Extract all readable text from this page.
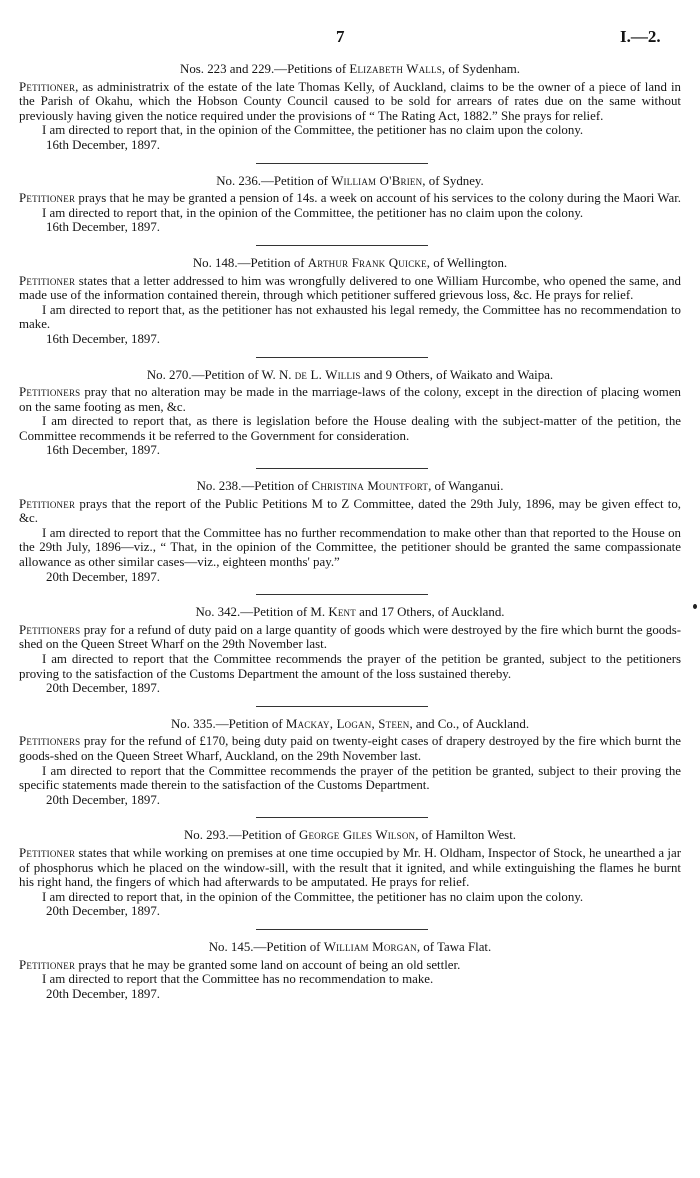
7	I.—2.

Nos. 223 and 229.—Petitions of Elizabeth Walls, of Sydenham.

Petitioner, as administratrix of the estate of the late Thomas Kelly, of Auckland, claims to be the owner of a piece of land in the Parish of Okahu, which the Hobson County Council caused to be sold for arrears of rates due on the same without previously having given the notice required under the provisions of “ The Rating Act, 1882.” She prays for relief.

I am directed to report that, in the opinion of the Committee, the petitioner has no claim upon the colony.

16th December, 1897.

No. 236.—Petition of William O'Brien, of Sydney.

Petitioner prays that he may be granted a pension of 14s. a week on account of his services to the colony during the Maori War.

I am directed to report that, in the opinion of the Committee, the petitioner has no claim upon the colony.

16th December, 1897.

No. 148.—Petition of Arthur Frank Quicke, of Wellington.

Petitioner states that a letter addressed to him was wrongfully delivered to one William Hurcombe, who opened the same, and made use of the information contained therein, through which petitioner suffered grievous loss, &c. He prays for relief.

I am directed to report that, as the petitioner has not exhausted his legal remedy, the Committee has no recommendation to make.

16th December, 1897.

No. 270.—Petition of W. N. de L. Willis and 9 Others, of Waikato and Waipa.

Petitioners pray that no alteration may be made in the marriage-laws of the colony, except in the direction of placing women on the same footing as men, &c.

I am directed to report that, as there is legislation before the House dealing with the subject-matter of the petition, the Committee recommends it be referred to the Government for consideration.

16th December, 1897.

No. 238.—Petition of Christina Mountfort, of Wanganui.

Petitioner prays that the report of the Public Petitions M to Z Committee, dated the 29th July, 1896, may be given effect to, &c.

I am directed to report that the Committee has no further recommendation to make other than that reported to the House on the 29th July, 1896—viz., “ That, in the opinion of the Committee, the petitioner should be granted the same compassionate allowance as other similar cases—viz., eighteen months' pay.”

20th December, 1897.

No. 342.—Petition of M. Kent and 17 Others, of Auckland.

Petitioners pray for a refund of duty paid on a large quantity of goods which were destroyed by the fire which burnt the goods-shed on the Queen Street Wharf on the 29th November last.

I am directed to report that the Committee recommends the prayer of the petition be granted, subject to the petitioners proving to the satisfaction of the Customs Department the amount of the loss sustained thereby.

20th December, 1897.

No. 335.—Petition of Mackay, Logan, Steen, and Co., of Auckland.

Petitioners pray for the refund of £170, being duty paid on twenty-eight cases of drapery destroyed by the fire which burnt the goods-shed on the Queen Street Wharf, Auckland, on the 29th November last.

I am directed to report that the Committee recommends the prayer of the petition be granted, subject to their proving the specific statements made therein to the satisfaction of the Customs Department.

20th December, 1897.

No. 293.—Petition of George Giles Wilson, of Hamilton West.

Petitioner states that while working on premises at one time occupied by Mr. H. Oldham, Inspector of Stock, he unearthed a jar of phosphorus which he placed on the window-sill, with the result that it ignited, and while extinguishing the flames he burnt his right hand, the fingers of which had afterwards to be amputated. He prays for relief.

I am directed to report that, in the opinion of the Committee, the petitioner has no claim upon the colony.

20th December, 1897.

No. 145.—Petition of William Morgan, of Tawa Flat.

Petitioner prays that he may be granted some land on account of being an old settler.

I am directed to report that the Committee has no recommendation to make.

20th December, 1897.
